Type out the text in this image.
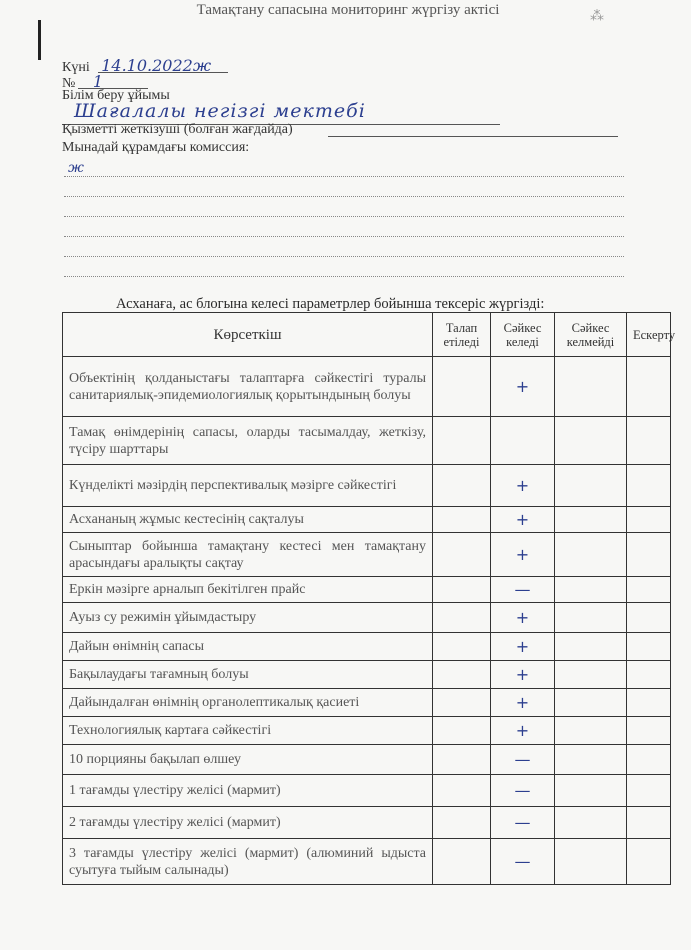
Тамақтану сапасына мониторинг жүргізу актісі	⁂
Күні 14.10.2022ж
№ 1
Білім беру ұйымы
Шағалалы негізгі мектебі
Қызметті жеткізуші (болған жағдайда)
Мынадай құрамдағы комиссия:
ж
Асханаға, ас блогына келесі параметрлер бойынша тексеріс жүргізді:
Көрсеткіш	Талап етіледі	Сәйкес келеді	Сәйкес келмейді	Ескерту
Объектінің қолданыстағы талаптарға сәйкестігі туралы санитариялық-эпидемиологиялық қорытындының болуы		+		
Тамақ өнімдерінің сапасы, оларды тасымалдау, жеткізу, түсіру шарттары				
Күнделікті мәзірдің перспективалық мәзірге сәйкестігі		+		
Асхананың жұмыс кестесінің сақталуы		+		
Сыныптар бойынша тамақтану кестесі мен тамақтану арасындағы аралықты сақтау		+		
Еркін мәзірге арналып бекітілген прайс		—		
Ауыз су режимін ұйымдастыру		+		
Дайын өнімнің сапасы		+		
Бақылаудағы тағамның болуы		+		
Дайындалған өнімнің органолептикалық қасиеті		+		
Технологиялық картаға сәйкестігі		+		
10 порцияны бақылап өлшеу		—		
1 тағамды үлестіру желісі (мармит)		—		
2 тағамды үлестіру желісі (мармит)		—		
3 тағамды үлестіру желісі (мармит) (алюминий ыдыста суытуға тыйым салынады)		—		
